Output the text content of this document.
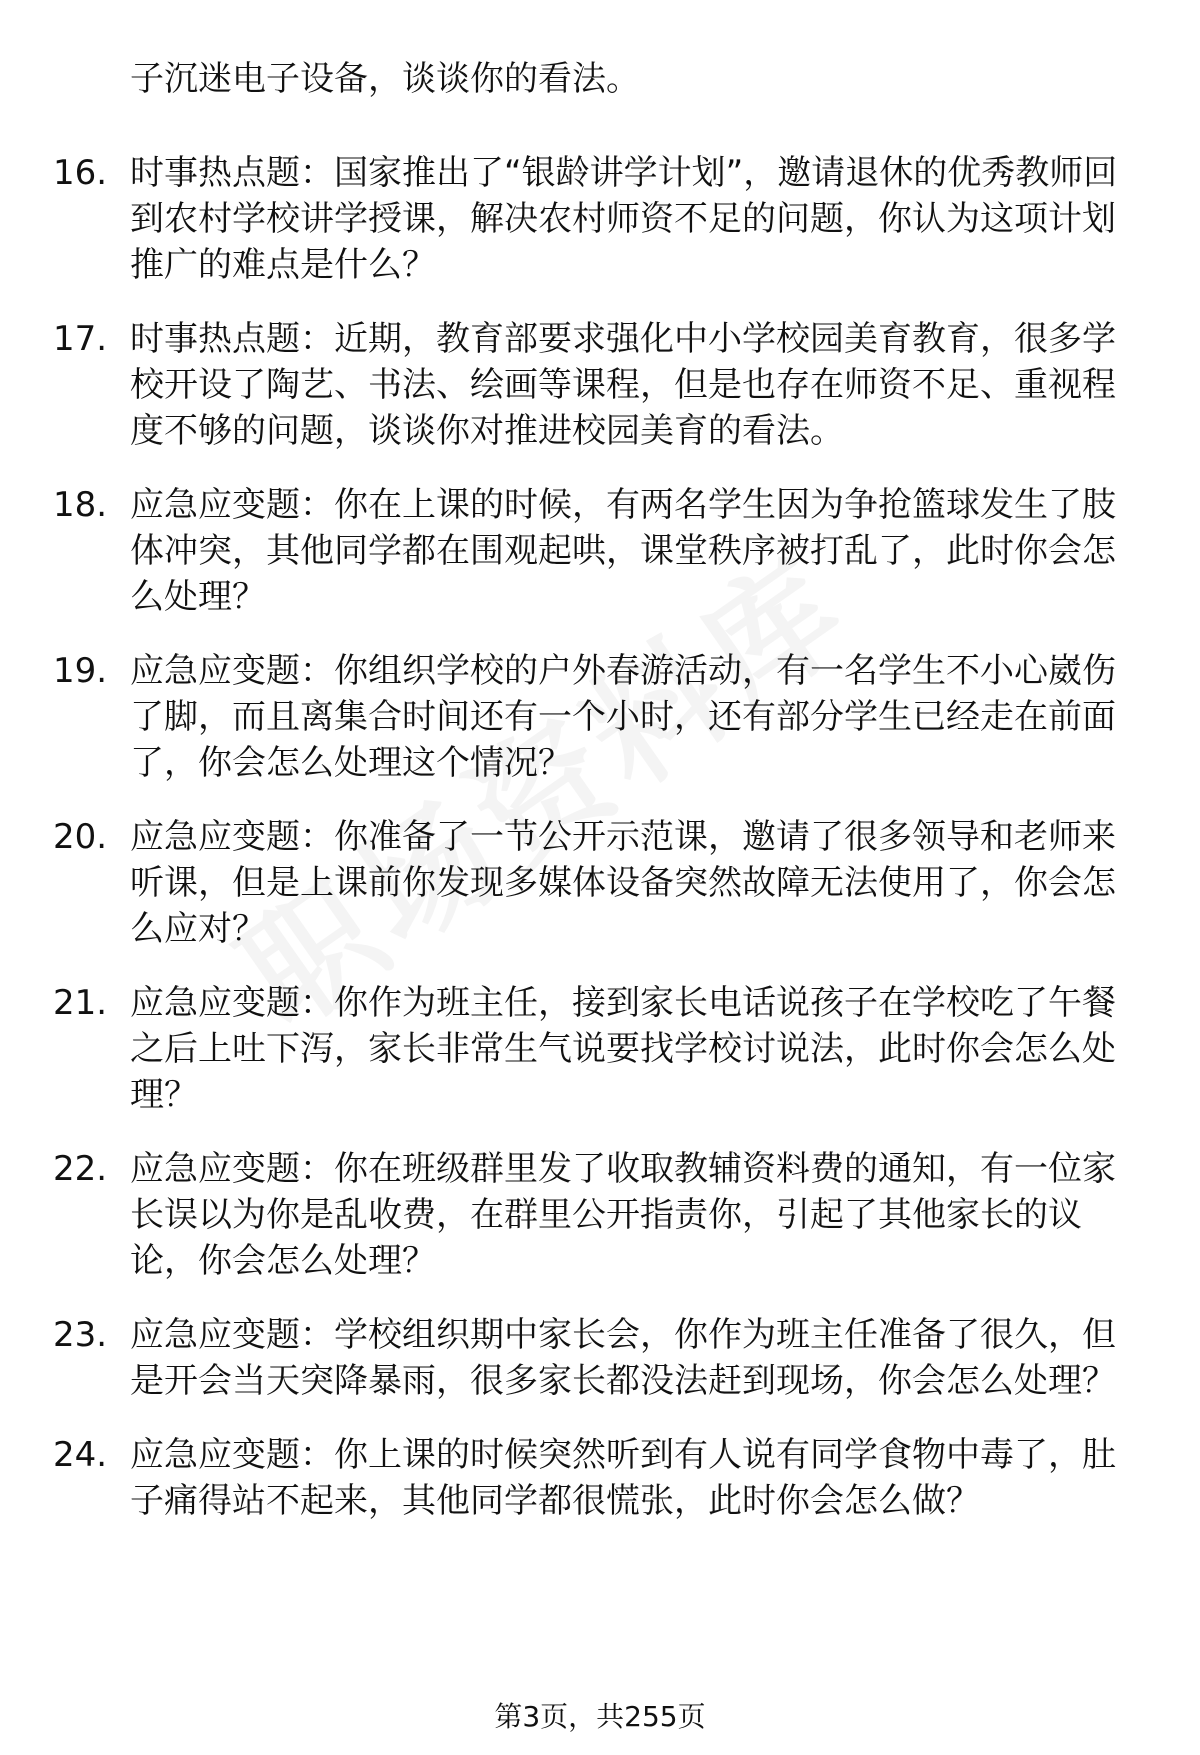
子沉迷电子设备，谈谈你的看法。
16. 时事热点题：国家推出了“银龄讲学计划”，邀请退休的优秀教师回到农村学校讲学授课，解决农村师资不足的问题，你认为这项计划推广的难点是什么？
17. 时事热点题：近期，教育部要求强化中小学校园美育教育，很多学校开设了陶艺、书法、绘画等课程，但是也存在师资不足、重视程度不够的问题，谈谈你对推进校园美育的看法。
18. 应急应变题：你在上课的时候，有两名学生因为争抢篮球发生了肢体冲突，其他同学都在围观起哄，课堂秩序被打乱了，此时你会怎么处理？
19. 应急应变题：你组织学校的户外春游活动，有一名学生不小心崴伤了脚，而且离集合时间还有一个小时，还有部分学生已经走在前面了，你会怎么处理这个情况？
20. 应急应变题：你准备了一节公开示范课，邀请了很多领导和老师来听课，但是上课前你发现多媒体设备突然故障无法使用了，你会怎么应对？
21. 应急应变题：你作为班主任，接到家长电话说孩子在学校吃了午餐之后上吐下泻，家长非常生气说要找学校讨说法，此时你会怎么处理？
22. 应急应变题：你在班级群里发了收取教辅资料费的通知，有一位家长误以为你是乱收费，在群里公开指责你，引起了其他家长的议论，你会怎么处理？
23. 应急应变题：学校组织期中家长会，你作为班主任准备了很久，但是开会当天突降暴雨，很多家长都没法赶到现场，你会怎么处理？
24. 应急应变题：你上课的时候突然听到有人说有同学食物中毒了，肚子痛得站不起来，其他同学都很慌张，此时你会怎么做？
第3页，共255页
